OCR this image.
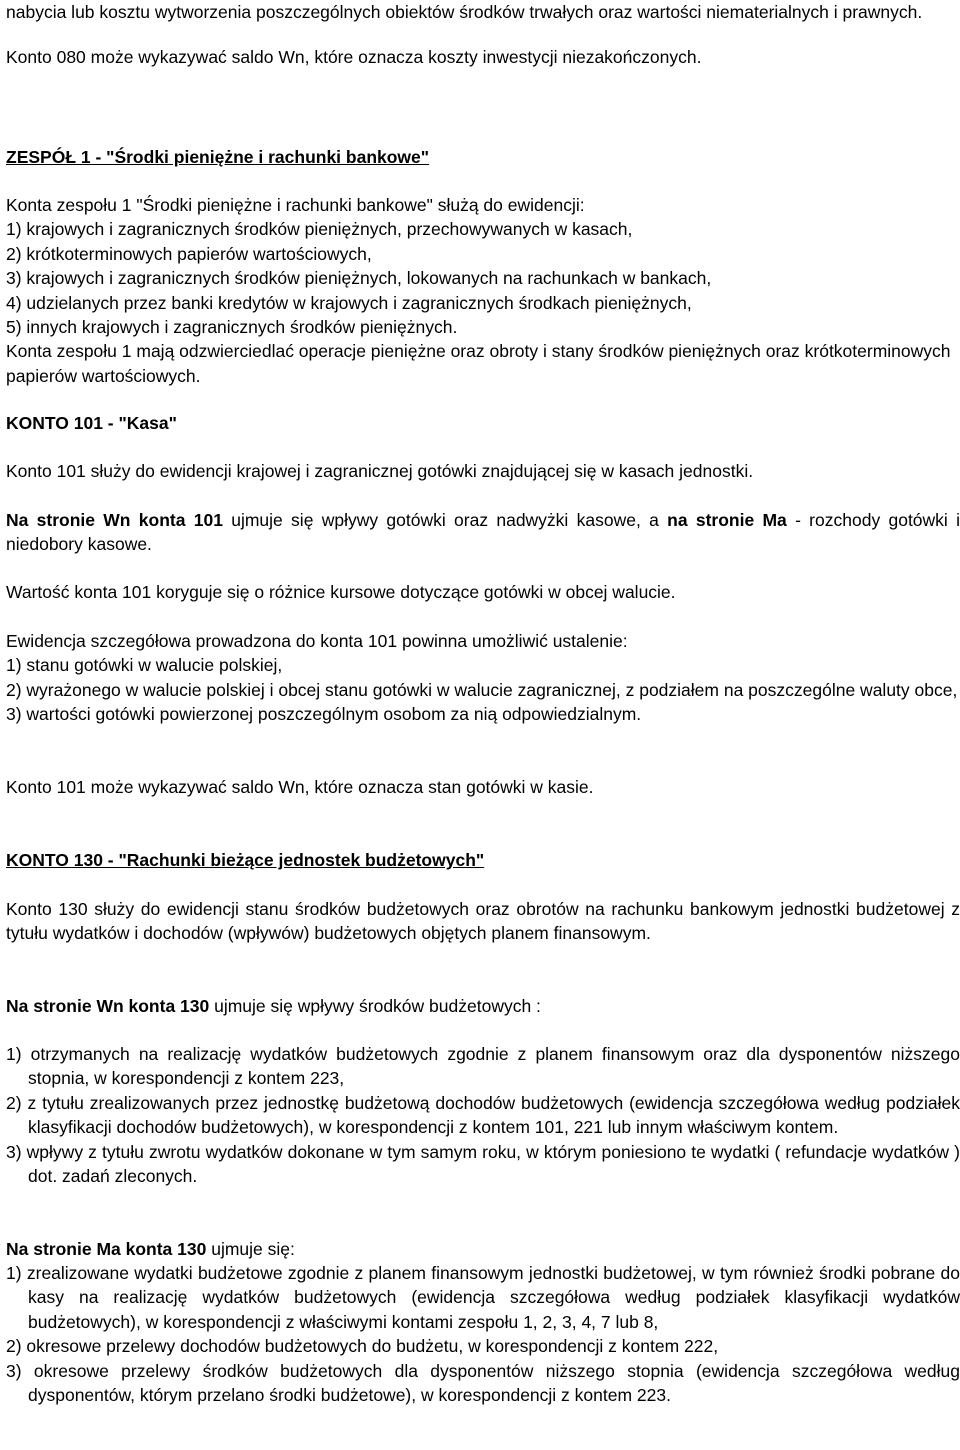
nabycia lub kosztu wytworzenia poszczególnych obiektów środków trwałych oraz wartości niematerialnych i prawnych.

Konto 080 może wykazywać saldo Wn, które oznacza koszty inwestycji niezakończonych.

ZESPÓŁ 1 - "Środki pieniężne i rachunki bankowe"

Konta zespołu 1 "Środki pieniężne i rachunki bankowe" służą do ewidencji:

1) krajowych i zagranicznych środków pieniężnych, przechowywanych w kasach,

2) krótkoterminowych papierów wartościowych,

3) krajowych i zagranicznych środków pieniężnych, lokowanych na rachunkach w bankach,

4) udzielanych przez banki kredytów w krajowych i zagranicznych środkach pieniężnych,

5) innych krajowych i zagranicznych środków pieniężnych.

Konta zespołu 1 mają odzwierciedlać operacje pieniężne oraz obroty i stany środków pieniężnych oraz krótkoterminowych papierów wartościowych.

KONTO 101 - "Kasa"

Konto 101 służy do ewidencji krajowej i zagranicznej gotówki znajdującej się w kasach jednostki.

Na stronie Wn konta 101 ujmuje się wpływy gotówki oraz nadwyżki kasowe, a na stronie Ma - rozchody gotówki i niedobory kasowe.

Wartość konta 101 koryguje się o różnice kursowe dotyczące gotówki w obcej walucie.

Ewidencja szczegółowa prowadzona do konta 101 powinna umożliwić ustalenie:

1) stanu gotówki w walucie polskiej,

2) wyrażonego w walucie polskiej i obcej stanu gotówki w walucie zagranicznej, z podziałem na poszczególne waluty obce,

3) wartości gotówki powierzonej poszczególnym osobom za nią odpowiedzialnym.

Konto 101 może wykazywać saldo Wn, które oznacza stan gotówki w kasie.

KONTO 130 - "Rachunki bieżące jednostek budżetowych"

Konto 130 służy do ewidencji stanu środków budżetowych oraz obrotów na rachunku bankowym jednostki budżetowej z tytułu wydatków i dochodów (wpływów) budżetowych objętych planem finansowym.

Na stronie Wn konta 130 ujmuje się wpływy środków budżetowych :

1) otrzymanych na realizację wydatków budżetowych zgodnie z planem finansowym oraz dla dysponentów niższego stopnia, w korespondencji z kontem 223,

2) z tytułu zrealizowanych przez jednostkę budżetową dochodów budżetowych (ewidencja szczegółowa według podziałek klasyfikacji dochodów budżetowych), w korespondencji z kontem 101, 221 lub innym właściwym kontem.

3) wpływy z tytułu zwrotu wydatków dokonane w tym samym roku, w którym poniesiono te wydatki ( refundacje wydatków ) dot. zadań zleconych.

Na stronie Ma konta 130 ujmuje się:

1) zrealizowane wydatki budżetowe zgodnie z planem finansowym jednostki budżetowej, w tym również środki pobrane do kasy na realizację wydatków budżetowych (ewidencja szczegółowa według podziałek klasyfikacji wydatków budżetowych), w korespondencji z właściwymi kontami zespołu 1, 2, 3, 4, 7 lub 8,

2) okresowe przelewy dochodów budżetowych do budżetu, w korespondencji z kontem 222,

3) okresowe przelewy środków budżetowych dla dysponentów niższego stopnia (ewidencja szczegółowa według dysponentów, którym przelano środki budżetowe), w korespondencji z kontem 223.
